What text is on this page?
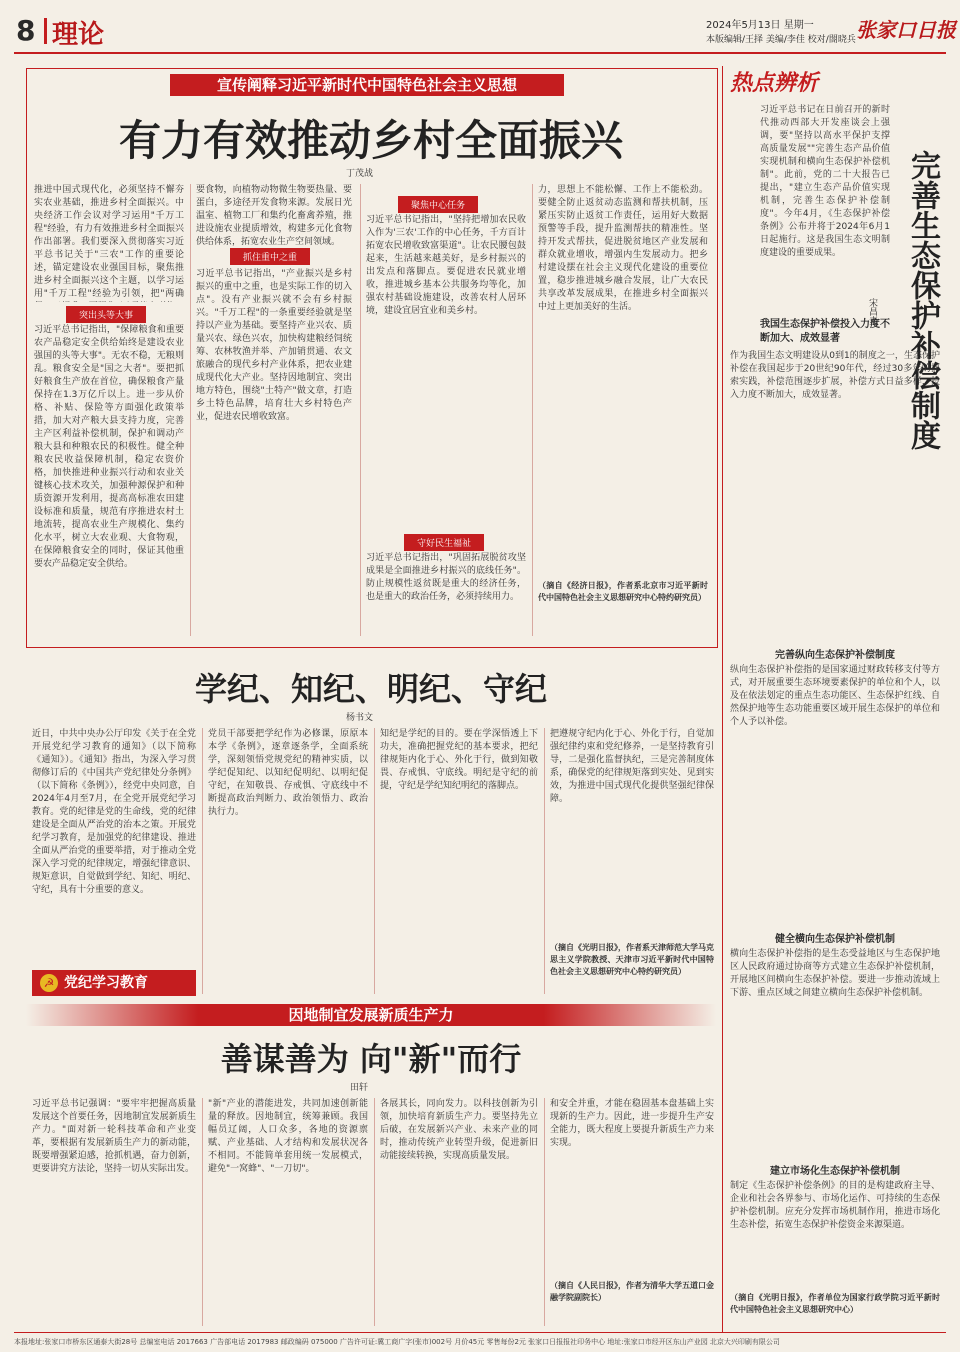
8 理论	2024年5月13日 星期一
本版编辑/王择 美编/李佳 校对/閤晓兵 张家口日报
宣传阐释习近平新时代中国特色社会主义思想
有力有效推动乡村全面振兴
丁茂战
推进中国式现代化，必须坚持不懈夯实农业基础，推进乡村全面振兴。中央经济工作会议对学习运用"千万工程"经验，有力有效推进乡村全面振兴作出部署。我们要深入贯彻落实习近平总书记关于"三农"工作的重要论述，锚定建设农业强国目标，聚焦推进乡村全面振兴这个主题，以学习运用"千万工程"经验为引领，把"两确
突出头等大事
习近平总书记指出，"保障粮食和重要农产品稳定安全供给始终是建设农业强国的头等大事"。无农不稳，无粮则乱。粮食安全是"国之大者"。要把抓好粮食生产放在首位，确保粮食产量保持在1.3万亿斤以上。进一步从价格、补贴、保险等方面强化政策举措，加大对产粮大县支持力度，完善主产区利益补偿机制，保护和调动产粮大县和种粮农民的积极性。健全种粮农民收益保障机制，稳定农资价格，加快推进种业振兴行动和农业关键核心技术攻关，加强种源保护和种质资源开发利用，提高高标准农田建设标准和质量，规范有序推进农村土地流转，提高农业生产规模化、集约化水平，树立大农业观、大食物观，在保障粮食安全的同时，保证其他重要农产品稳定安全供给。
要食物，向植物动物微生物要热量、要蛋白，多途径开发食物来源。发展日光温室、植物工厂和集约化畜禽养殖，推进设施农业提质增效，构建多元化食物供给体系，拓宽农业生产空间领域。
抓住重中之重
习近平总书记指出，"产业振兴是乡村振兴的重中之重，也是实际工作的切入点"。没有产业振兴就不会有乡村振兴。"千万工程"的一条重要经验就是坚持以产业为基础。要坚持产业兴农、质量兴农、绿色兴农，加快构建粮经饲统筹、农林牧渔并举、产加销贯通、农文旅融合的现代乡村产业体系，把农业建成现代化大产业。坚持因地制宜、突出地方特色，围绕"土特产"做文章，打造乡土特色品牌，培育壮大乡村特色产业，促进农民增收致富。
聚焦中心任务
习近平总书记指出，"坚持把增加农民收入作为'三农'工作的中心任务，千方百计拓宽农民增收致富渠道"。让农民腰包鼓起来，生活越来越美好，是乡村振兴的出发点和落脚点。要促进农民就业增收，推进城乡基本公共服务均等化，加强农村基础设施建设，改善农村人居环境，建设宜居宜业和美乡村。
守好民生福祉
习近平总书记指出，"巩固拓展脱贫攻坚成果是全面推进乡村振兴的底线任务"。防止规模性返贫既是重大的经济任务，也是重大的政治任务，必须持续用力。
力，思想上不能松懈、工作上不能松劲。要健全防止返贫动态监测和帮扶机制，压紧压实防止返贫工作责任，运用好大数据预警等手段，提升监测帮扶的精准性。坚持开发式帮扶，促进脱贫地区产业发展和群众就业增收，增强内生发展动力。把乡村建设摆在社会主义现代化建设的重要位置，稳步推进城乡融合发展，让广大农民共享改革发展成果，在推进乡村全面振兴中过上更加美好的生活。
（摘自《经济日报》，作者系北京市习近平新时代中国特色社会主义思想研究中心特约研究员）
学纪、知纪、明纪、守纪
杨书文
近日，中共中央办公厅印发《关于在全党开展党纪学习教育的通知》（以下简称《通知》）。《通知》指出，为深入学习贯彻修订后的《中国共产党纪律处分条例》（以下简称《条例》），经党中央同意，自2024年4月至7月，在全党开展党纪学习教育。党的纪律是党的生命线，党的纪律建设是全面从严治党的治本之策。开展党纪学习教育，是加强党的纪律建设、推进全面从严治党的重要举措，对于推动全党深入学习党的纪律规定，增强纪律意识、规矩意识，自觉做到学纪、知纪、明纪、守纪，具有十分重要的意义。
☭ 党纪学习教育
党员干部要把学纪作为必修课，原原本本学《条例》，逐章逐条学，全面系统学，深刻领悟党规党纪的精神实质，以学纪促知纪、以知纪促明纪、以明纪促守纪，在知敬畏、存戒惧、守底线中不断提高政治判断力、政治领悟力、政治执行力。
知纪是学纪的目的。要在学深悟透上下功夫，准确把握党纪的基本要求，把纪律规矩内化于心、外化于行，做到知敬畏、存戒惧、守底线。明纪是守纪的前提，守纪是学纪知纪明纪的落脚点。
把遵规守纪内化于心、外化于行，自觉加强纪律约束和党纪修养，一是坚持教育引导，二是强化监督执纪，三是完善制度体系，确保党的纪律规矩落到实处、见到实效，为推进中国式现代化提供坚强纪律保障。
（摘自《光明日报》，作者系天津师范大学马克思主义学院教授、天津市习近平新时代中国特色社会主义思想研究中心特约研究员）
因地制宜发展新质生产力
善谋善为 向"新"而行
田轩
习近平总书记强调："要牢牢把握高质量发展这个首要任务，因地制宜发展新质生产力。"面对新一轮科技革命和产业变革，要根据有发展新质生产力的新动能，既要增强紧迫感，抢抓机遇，奋力创新，更要讲究方法论，坚持一切从实际出发。
"新"产业的潜能进发，共同加速创新能量的释放。因地制宜，统筹兼顾。我国幅员辽阔，人口众多，各地的资源禀赋、产业基础、人才结构和发展状况各不相同。不能简单套用统一发展模式，避免"一窝蜂"、"一刀切"。
各展其长，同向发力。以科技创新为引领，加快培育新质生产力。要坚持先立后破，在发展新兴产业、未来产业的同时，推动传统产业转型升级，促进新旧动能接续转换，实现高质量发展。
和安全并重，才能在稳固基本盘基础上实现新的生产力。因此，进一步提升生产安全能力，既大程度上要提升新质生产力来实现。
（摘自《人民日报》，作者为清华大学五道口金融学院副院长）
热点辨析
习近平总书记在日前召开的新时代推动西部大开发座谈会上强调，要"坚持以高水平保护支撑高质量发展""完善生态产品价值实现机制和横向生态保护补偿机制"。此前，党的二十大报告已提出，"建立生态产品价值实现机制，完善生态保护补偿制度"。今年4月，《生态保护补偿条例》公布并将于2024年6月1日起施行。这是我国生态文明制度建设的重要成果。	完善生态保护补偿制度
宋昌素
我国生态保护补偿投入力度不断加大、成效显著
作为我国生态文明建设从0到1的制度之一，生态保护补偿在我国起步于20世纪90年代，经过30多年的探索实践，补偿范围逐步扩展，补偿方式日益多样，投入力度不断加大，成效显著。
完善纵向生态保护补偿制度
纵向生态保护补偿指的是国家通过财政转移支付等方式，对开展重要生态环境要素保护的单位和个人，以及在依法划定的重点生态功能区、生态保护红线、自然保护地等生态功能重要区域开展生态保护的单位和个人予以补偿。
健全横向生态保护补偿机制
横向生态保护补偿指的是生态受益地区与生态保护地区人民政府通过协商等方式建立生态保护补偿机制，开展地区间横向生态保护补偿。要进一步推动流域上下游、重点区域之间建立横向生态保护补偿机制。
建立市场化生态保护补偿机制
制定《生态保护补偿条例》的目的是构建政府主导、企业和社会各界参与、市场化运作、可持续的生态保护补偿机制。应充分发挥市场机制作用，推进市场化生态补偿，拓宽生态保护补偿资金来源渠道。
（摘自《光明日报》，作者单位为国家行政学院习近平新时代中国特色社会主义思想研究中心）
本报地址:张家口市桥东区通泰大街28号 总编室电话 2017663 广告部电话 2017983 邮政编码 075000 广告许可证:冀工商广字(张市)002号 月价45元 零售每份2元 张家口日报报社印务中心 地址:张家口市经开区东山产业园 北京大兴印刷有限公司
